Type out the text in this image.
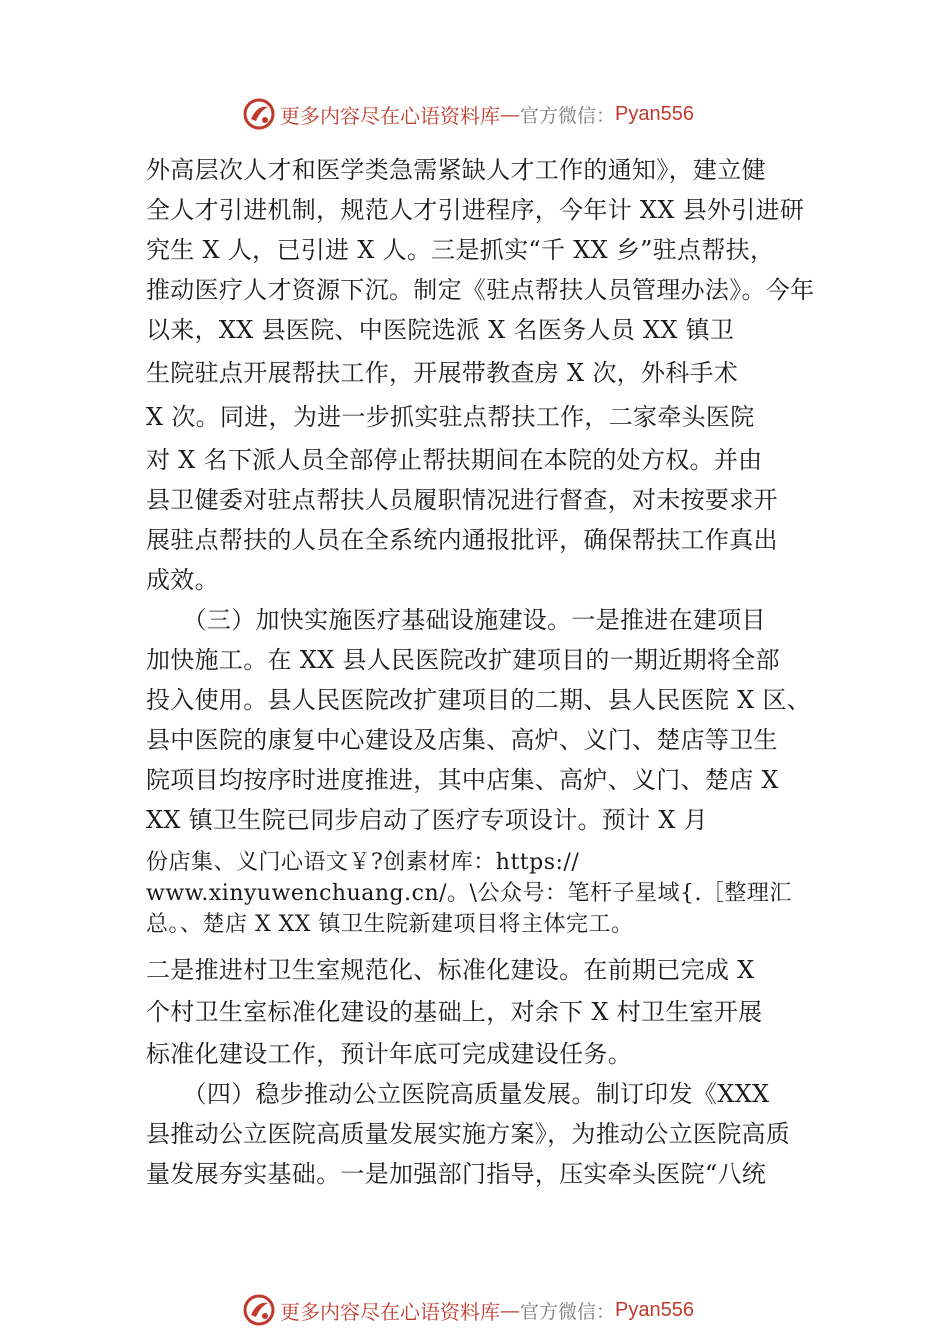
更多内容尽在心语资料库 — 官方微信： Pyan556
外高层次人才和医学类急需紧缺人才工作的通知》，建立健
全人才引进机制，规范人才引进程序，今年计 XX 县外引进研
究生 X 人，已引进 X 人。三是抓实“千 XX 乡”驻点帮扶，
推动医疗人才资源下沉。制定《驻点帮扶人员管理办法》。今年
以来，XX 县医院、中医院选派 X 名医务人员 XX 镇卫
生院驻点开展帮扶工作，开展带教查房 X 次，外科手术
X 次。同进，为进一步抓实驻点帮扶工作，二家牵头医院
对 X 名下派人员全部停止帮扶期间在本院的处方权。并由
县卫健委对驻点帮扶人员履职情况进行督查，对未按要求开
展驻点帮扶的人员在全系统内通报批评，确保帮扶工作真出
成效。
　　（三）加快实施医疗基础设施建设。一是推进在建项目
加快施工。在 XX 县人民医院改扩建项目的一期近期将全部
投入使用。县人民医院改扩建项目的二期、县人民医院 X 区、
县中医院的康复中心建设及店集、高炉、义门、楚店等卫生
院项目均按序时进度推进，其中店集、高炉、义门、楚店 X
XX 镇卫生院已同步启动了医疗专项设计。预计 X 月
份店集、义门心语文￥?创素材库：https://
www.xinyuwenchuang.cn/。\公众号：笔杆子星域{.［整理汇
总。、楚店 X XX 镇卫生院新建项目将主体完工。
二是推进村卫生室规范化、标准化建设。在前期已完成 X
个村卫生室标准化建设的基础上，对余下 X 村卫生室开展
标准化建设工作，预计年底可完成建设任务。
　　（四）稳步推动公立医院高质量发展。制订印发《XXX
县推动公立医院高质量发展实施方案》，为推动公立医院高质
量发展夯实基础。一是加强部门指导，压实牵头医院“八统
更多内容尽在心语资料库 — 官方微信： Pyan556
